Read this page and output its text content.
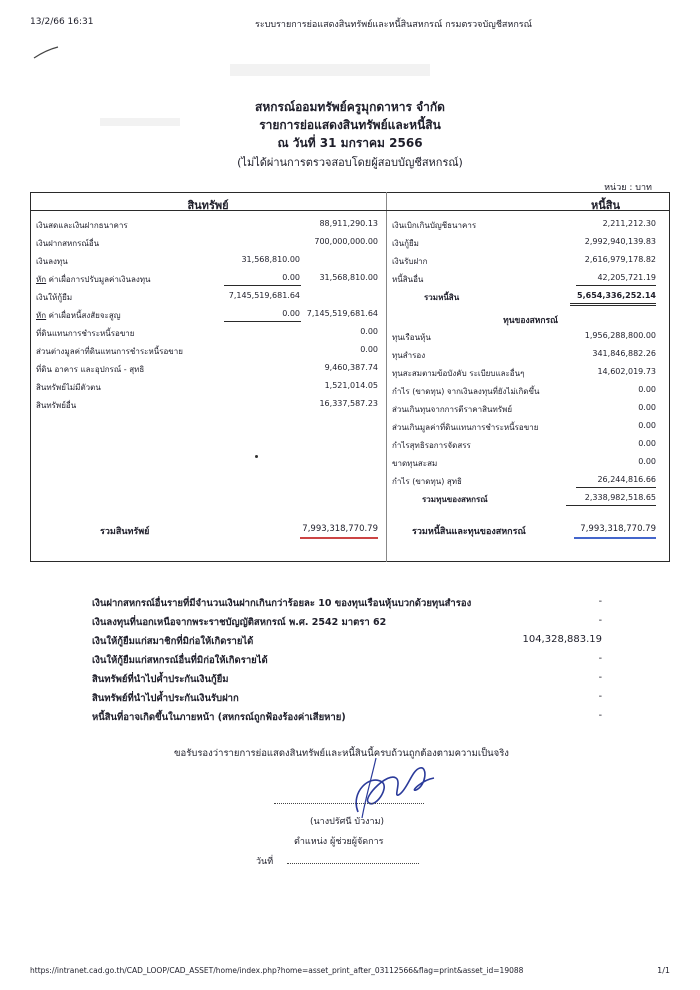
13/2/66 16:31	ระบบรายการย่อแสดงสินทรัพย์และหนี้สินสหกรณ์ กรมตรวจบัญชีสหกรณ์
สหกรณ์ออมทรัพย์ครูมุกดาหาร จำกัด
รายการย่อแสดงสินทรัพย์และหนี้สิน
ณ วันที่ 31 มกราคม 2566
(ไม่ได้ผ่านการตรวจสอบโดยผู้สอบบัญชีสหกรณ์)
หน่วย : บาท
สินทรัพย์	หนี้สิน
เงินสดและเงินฝากธนาคาร	88,911,290.13
เงินฝากสหกรณ์อื่น	700,000,000.00
เงินลงทุน	31,568,810.00
หัก ค่าเผื่อการปรับมูลค่าเงินลงทุน	0.00	31,568,810.00
เงินให้กู้ยืม	7,145,519,681.64
หัก ค่าเผื่อหนี้สงสัยจะสูญ	0.00 7,145,519,681.64
ที่ดินแทนการชำระหนี้รอขาย	0.00
ส่วนต่างมูลค่าที่ดินแทนการชำระหนี้รอขาย	0.00
ที่ดิน อาคาร และอุปกรณ์ - สุทธิ	9,460,387.74
สินทรัพย์ไม่มีตัวตน	1,521,014.05
สินทรัพย์อื่น	16,337,587.23
เงินเบิกเกินบัญชีธนาคาร	2,211,212.30
เงินกู้ยืม	2,992,940,139.83
เงินรับฝาก	2,616,979,178.82
หนี้สินอื่น	42,205,721.19
รวมหนี้สิน	5,654,336,252.14
ทุนของสหกรณ์
ทุนเรือนหุ้น	1,956,288,800.00
ทุนสำรอง	341,846,882.26
ทุนสะสมตามข้อบังคับ ระเบียบและอื่นๆ	14,602,019.73
กำไร (ขาดทุน) จากเงินลงทุนที่ยังไม่เกิดขึ้น	0.00
ส่วนเกินทุนจากการตีราคาสินทรัพย์	0.00
ส่วนเกินมูลค่าที่ดินแทนการชำระหนี้รอขาย	0.00
กำไรสุทธิรอการจัดสรร	0.00
ขาดทุนสะสม	0.00
กำไร (ขาดทุน) สุทธิ	26,244,816.66
รวมทุนของสหกรณ์	2,338,982,518.65
รวมสินทรัพย์	7,993,318,770.79	รวมหนี้สินและทุนของสหกรณ์	7,993,318,770.79
เงินฝากสหกรณ์อื่นรายที่มีจำนวนเงินฝากเกินกว่าร้อยละ 10 ของทุนเรือนหุ้นบวกด้วยทุนสำรอง	-
เงินลงทุนที่นอกเหนือจากพระราชบัญญัติสหกรณ์ พ.ศ. 2542 มาตรา 62	-
เงินให้กู้ยืมแก่สมาชิกที่มิก่อให้เกิดรายได้	104,328,883.19
เงินให้กู้ยืมแก่สหกรณ์อื่นที่มิก่อให้เกิดรายได้	-
สินทรัพย์ที่นำไปค้ำประกันเงินกู้ยืม	-
สินทรัพย์ที่นำไปค้ำประกันเงินรับฝาก	-
หนี้สินที่อาจเกิดขึ้นในภายหน้า (สหกรณ์ถูกฟ้องร้องค่าเสียหาย)	-
ขอรับรองว่ารายการย่อแสดงสินทรัพย์และหนี้สินนี้ครบถ้วนถูกต้องตามความเป็นจริง
(นางปรัศนี บัวงาม)
ตำแหน่ง ผู้ช่วยผู้จัดการ
วันที่
https://intranet.cad.go.th/CAD_LOOP/CAD_ASSET/home/index.php?home=asset_print_after_03112566&flag=print&asset_id=19088	1/1
